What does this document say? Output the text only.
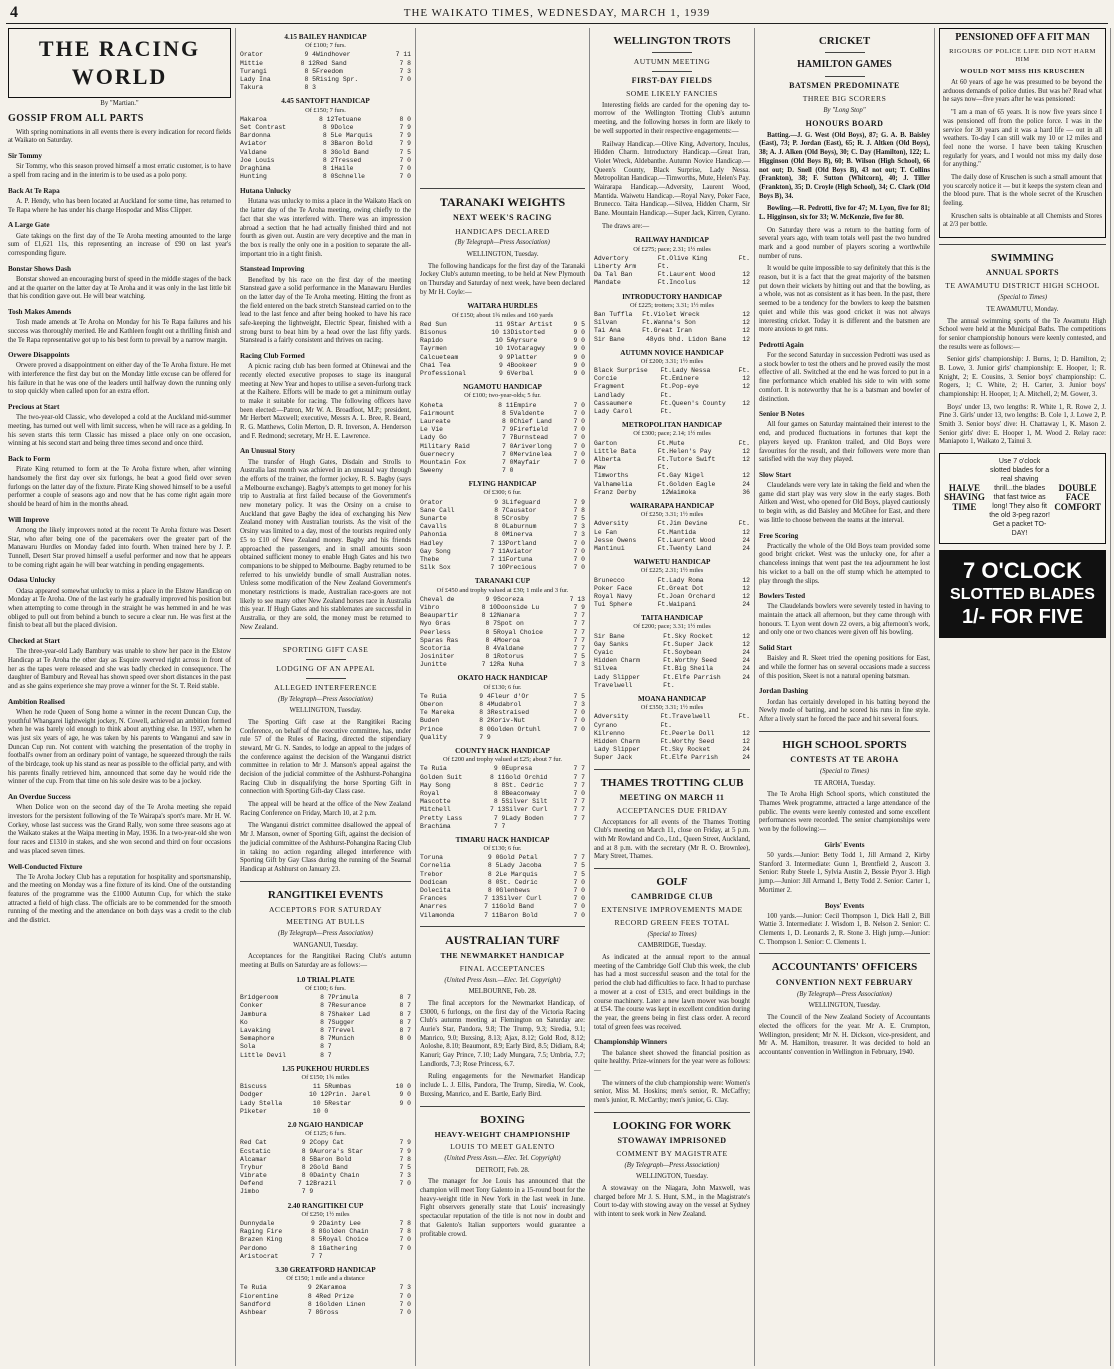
4	THE WAIKATO TIMES, WEDNESDAY, MARCH 1, 1939
THE RACING WORLD
By "Martian."
GOSSIP FROM ALL PARTS

With spring nominations in all events there is every indication for record fields at Waikato on Saturday.

Sir Tommy

Sir Tommy, who this season proved himself a most erratic customer, is to have a spell from racing and in the interim is to be used as a polo pony.

Back At Te Rapa

A. P. Hendy, who has been located at Auckland for some time, has returned to Te Rapa where he has under his charge Hospodar and Miss Clipper.

A Large Gate

Gate takings on the first day of the Te Aroha meeting amounted to the large sum of £1,621 11s, this representing an increase of £90 on last year's corresponding figure.

Bonstar Shows Dash

Bonstar showed an encouraging burst of speed in the middle stages of the back and at the quarter on the latter day at Te Aroha and it was only in the last little bit that his condition gave out. He will bear watching.

Tosh Makes Amends

Tosh made amends at Te Aroha on Monday for his Te Rapa failures and his success was thoroughly merited. He and Kathleen fought out a thrilling finish and the Te Rapa representative got up to his best form to prevail by a narrow margin.

Orwere Disappoints

Orwere proved a disappointment on either day of the Te Aroha fixture. He met with interference the first day but on the Monday little excuse can be offered for his failure in that he was one of the leaders until halfway down the running only to stop quickly when called upon for an extra effort.

Precious at Start

The two-year-old Classic, who developed a cold at the Auckland mid-summer meeting, has turned out well with limit success, when he will race as a gelding. In his seven starts this term Classic has missed a place only on one occasion, winning at his second start and being three times second and once third.

Back to Form

Pirate King returned to form at the Te Aroha fixture when, after winning handsomely the first day over six furlongs, he beat a good field over seven furlongs on the latter day of the fixture. Pirate King showed himself to be a useful performer a couple of seasons ago and now that he has come right again more should be heard of him in the months ahead.

Will Improve

Among the likely improvers noted at the recent Te Aroha fixture was Desert Star, who after being one of the pacemakers over the greater part of the Manawaru Hurdles on Monday faded into fourth. When trained here by J. P. Tunnell, Desert Star proved himself a useful performer and now that he appears to be coming right again he will bear watching in pending engagements.

Odasa Unlucky

Odasa appeared somewhat unlucky to miss a place in the Elstow Handicap on Monday at Te Aroha. One of the last early he gradually improved his position but when attempting to come through in the straight he was hemmed in and he was obliged to pull out from behind a bunch to secure a clear run. He was first at the finish to beat all but the placed division.

Checked at Start

The three-year-old Lady Bambury was unable to show her pace in the Elstow Handicap at Te Aroha the other day as Esquire swerved right across in front of her as the tapes were released and she was badly checked in consequence. The daughter of Bambury and Reveal has shown speed over short distances in the past and as she gains experience she may prove a winner for the St. T. Reid stable.

Ambition Realised

When he rode Queen of Song home a winner in the recent Duncan Cup, the youthful Whangarei lightweight jockey, N. Cowell, achieved an ambition formed when he was barely old enough to think about anything else. In 1937, when he was just six years of age, he was taken by his parents to Wanganui and saw in Duncan Cup run. Not content with watching the presentation of the trophy in football's owner from an ordinary point of vantage, he squeezed through the rails of the birdcage, took up his stand as near as possible to the official party, and with his parents finally retrieved him, announced that some day he would ride the winner of the cup. From that time on his sole desire was to be a jockey.

An Overdue Success

When Dolice won on the second day of the Te Aroha meeting she repaid investors for the persistent following of the Te Wairapa's sport's mare. Mr H. W. Corkey, whose last success was the Grand Rally, won some three seasons ago at the Waikato stakes at the Waipa meeting in May, 1936. In a two-year-old she won four races and £1310 in stakes, and she won second and third on four occasions and was placed seven times.

Well-Conducted Fixture

The Te Aroha Jockey Club has a reputation for hospitality and sportsmanship, and the meeting on Monday was a fine fixture of its kind. One of the outstanding features of the programme was the £1000 Autumn Cup, for which the stake attracted a field of high class. The officials are to be commended for the smooth running of the meeting and the attendance on both days was a credit to the club and the district.

4.15 BAILEY HANDICAP
Of £100; 7 furs.
Orator	9 4	Windhover	7 11
Mittie	8 12	Red Sand	7 8
Turangi	8 5	Freedom	7 3
Lady Ina	8 5	Rising Spr.	7 0
Takura	8 3		
4.45 SANTOFT HANDICAP
Of £150; 7 furs.
Makaroa	8 12	Tetuane	8 0
Set Contrast	8 9	Dolce	7 9
Bardonna	8 5	Le Marquis	7 9
Aviator	8 3	Baron Bold	7 9
Valdane	8 3	Gold Band	7 5
Joe Louis	8 2	Tressed	7 0
Draghima	8 1	Haile	7 0
Hunting	8 0	Schnelle	7 0
Hutana Unlucky

Hutana was unlucky to miss a place in the Waikato Hack on the latter day of the Te Aroha meeting, owing chiefly to the fact that she was interfered with. There was an impression abroad a section that he had actually finished third and not fourth as given out. Austin are very deceptive and the man in the box is really the only one in a position to separate the all-important trio in a tight finish.

Stanstead Improving

Benefited by his race on the first day of the meeting Stanstead gave a solid performance in the Manawaru Hurdles on the latter day of the Te Aroha meeting. Hitting the front as the field entered on the back stretch Stanstead carried on to the lead to the last fence and after being hooked to have his race safe-keeping the lightweight, Electric Spear, finished with a strong burst to beat him by a head over the last fifty yards. Stanstead is a fairly consistent and thrives on racing.

Racing Club Formed

A picnic racing club has been formed at Ohinewai and the recently elected executive proposes to stage its inaugural meeting at New Year and hopes to utilise a seven-furlong track at the Kaihere. Efforts will be made to get a minimum outlay to make it suitable for racing. The following officers have been elected:—Patron, Mr W. A. Broadfoot, M.P.; president, Mr Herbert Maxwell; executive, Messrs A. L. Bree, R. Beard, R. G. Matthews, Colin Merton, D. R. Inverson, A. Henderson and F. Redmond; secretary, Mr H. E. Lawrence.

An Unusual Story

The transfer of Hugh Gates, Disdain and Strolls to Australia last month was achieved in an unusual way through the efforts of the trainer, the former jockey, R. S. Bagby (says a Melbourne exchange). Bagby's attempts to get money for his trip to Australia at first failed because of the Government's new monetary policy. It was the Orsiny on a cruise to Auckland that gave Bagby the idea of exchanging his New Zealand money with Australian tourists. As the visit of the Orsiny was limited to a day, most of the tourists required only £5 to £10 of New Zealand money. Bagby and his friends approached the passengers, and in small amounts soon obtained sufficient money to enable Hugh Gates and his two companions to be shipped to Melbourne. Bagby returned to be referred to his unwieldy bundle of small Australian notes. Unless some modification of the New Zealand Government's monetary restrictions is made, Australian race-goers are not likely to see many other New Zealand horses race in Australia this year. If Hugh Gates and his stablemates are successful in Australia, or they are sold, the money must be returned to New Zealand.

SPORTING GIFT CASE
LODGING OF AN APPEAL
ALLEGED INTERFERENCE
(By Telegraph—Press Association)
WELLINGTON, Tuesday.

The Sporting Gift case at the Rangitikei Racing Conference, on behalf of the executive committee, has, under rule 57 of the Rules of Racing, directed the stipendiary steward, Mr G. N. Sandes, to lodge an appeal to the judges of the conference against the decision of the Wanganui district committee in relation to Mr J. Manson's appeal against the decision of the judicial committee of the Ashhurst-Pohangina Racing Club in disqualifying the horse Sporting Gift in connection with Sporting Gift-day Class case.

The appeal will be heard at the office of the New Zealand Racing Conference on Friday, March 10, at 2 p.m.

The Wanganui district committee disallowed the appeal of Mr J. Manson, owner of Sporting Gift, against the decision of the judicial committee of the Ashhurst-Pohangina Racing Club in taking no action regarding alleged interference with Sporting Gift by Gay Class during the running of the Seamal Handicap at Ashhurst on January 23.

RANGITIKEI EVENTS
ACCEPTORS FOR SATURDAY
MEETING AT BULLS
(By Telegraph—Press Association)
WANGANUI, Tuesday.

Acceptances for the Rangitikei Racing Club's autumn meeting at Bulls on Saturday are as follows:—

1.0 TRIAL PLATE
Of £100; 6 furs.
Bridgeroom	8 7	Primula	8 7
Conker	8 7	Resurance	8 7
Jambura	8 7	Shaker Lad	8 7
Ko	8 7	Sugger	8 7
Lavaking	8 7	Trevel	8 7
Semaphore	8 7	Munich	8 0
Sola	8 7		
Little Devil	8 7		
1.35 PUKEHOU HURDLES
Of £150; 1¾ miles
Biscuss	11 5	Rumbas	10 0
Dodger	10 12	Prin. Jarel	9 0
Lady Stella	10 5	Restar	9 0
Piketer	10 0		
2.0 NGAIO HANDICAP
Of £125; 6 furs.
Red Cat	9 2	Copy Cat	7 9
Ecstatic	8 9	Aurora's Star	7 9
Alcamar	8 5	Baron Bold	7 8
Trybur	8 2	Gold Band	7 5
Vibrate	8 0	Dainty Chain	7 3
Defend	7 12	Brazil	7 0
Jimbo	7 9		
2.40 RANGITIKEI CUP
Of £250; 1½ miles
Dunnydale	9 2	Dainty Lee	7 8
Raging Fire	8 8	Golden Chain	7 8
Brazen King	8 5	Royal Choice	7 0
Perdomo	8 1	Gathering	7 0
Aristocrat	7 7		
3.30 GREATFORD HANDICAP
Of £150; 1 mile and a distance
Te Ruia	9 2	Karamoa	7 3
Fiorentine	8 4	Red Prize	7 0
Sandford	8 1	Golden Linen	7 0
Ashbear	7 8	Gross	7 0
TARANAKI WEIGHTS
NEXT WEEK'S RACING
HANDICAPS DECLARED
(By Telegraph—Press Association)
WELLINGTON, Tuesday.

The following handicaps for the first day of the Taranaki Jockey Club's autumn meeting, to be held at New Plymouth on Thursday and Saturday of next week, have been declared by Mr H. Coyle:—

WAITARA HURDLES
Of £150; about 1¾ miles and 160 yards
Red Sun	11 9	Star Artist	9 5
Bisonus	10 13	Distorted	9 0
Rapido	10 5	Ayrsure	9 0
Tayrmen	10 1	Votaragwy	9 0
Calcueteam	9 9	Platter	9 0
Chai Tea	9 4	Bookeer	9 0
Professional	9 6	Verbal	9 0
NGAMOTU HANDICAP
Of £100; two-year-olds; 5 fur.
Koheta	8 11	Empire	7 0
Fairmount	8 5	Valdente	7 0
Laureate	8 0	Chief Land	7 0
Le Vie	7 9	Firefield	7 0
Lady Go	7 7	Burnstead	7 0
Military Raid	7 0	Ariverlong	7 0
Guernecry	7 0	Mervinelea	7 0
Mountain Fox	7 0	Mayfair	7 0
Sweeny	7 0		
FLYING HANDICAP
Of £300; 6 fur.
Orator	9 3	Lifeguard	7 9
Sane Call	8 7	Causator	7 8
Sunarte	8 5	Crosby	7 5
Cavalls	8 0	Laburnum	7 3
Pahonia	8 0	Minerva	7 3
Hadley	7 13	Portland	7 0
Gay Song	7 11	Aviator	7 0
Thebe	7 11	Fortuna	7 0
Silk Sox	7 10	Precious	7 0
TARANAKI CUP
Of £450 and trophy valued at £30; 1 mile and 3 fur.
Cheval de	9 9	Scoreza	7 13
Vibro	8 10	Doonside Lu	7 9
Beaupartir	8 12	Nanara	7 7
Nyo Gras	8 7	Spot on	7 7
Peerless	8 5	Royal Choice	7 7
Sparas Ras	8 4	Moeroa	7 7
Scotoria	8 4	Valdane	7 7
Josiniter	8 1	Rotorus	7 5
Junitte	7 12	Ra Nuha	7 3
OKATO HACK HANDICAP
Of £130; 6 fur.
Te Ruia	9 4	Fleur d'Or	7 5
Oberon	8 4	Mudabrol	7 3
Te Mareka	8 3	Restraised	7 0
Buden	8 2	Koriv-Nut	7 0
Prince	8 0	Golden Ortuhl	7 0
Quality	7 9		
COUNTY HACK HANDICAP
Of £200 and trophy valued at £25; about 7 fur.
Te Ruia	9 0	Eupresa	7 7
Golden Suit	8 11	Gold Orchid	7 7
May Song	8 8	St. Cedric	7 7
Royal	8 8	Beaconway	7 0
Mascotte	8 5	Silver Silt	7 7
Mitchell	7 13	Silver Curl	7 7
Pretty Lass	7 9	Lady Boden	7 7
Brachima	7 7		
TIMARU HACK HANDICAP
Of £130; 6 fur.
Toruna	9 0	Gold Petal	7 7
Cornelia	8 5	Lady Jacoba	7 5
Trebor	8 2	Le Marquis	7 5
Dodicam	8 0	St. Cedric	7 0
Dolecita	8 0	Glenbews	7 0
Frances	7 13	Silver Curl	7 0
Anarres	7 11	Gold Band	7 0
Vilamonda	7 11	Baron Bold	7 0
AUSTRALIAN TURF
THE NEWMARKET HANDICAP
FINAL ACCEPTANCES
(United Press Assn.—Elec. Tel. Copyright)
MELBOURNE, Feb. 28.

The final acceptors for the Newmarket Handicap, of £3000, 6 furlongs, on the first day of the Victoria Racing Club's autumn meeting at Flemington on Saturday are: Aurie's Star, Pandora, 9.8; The Trump, 9.3; Siredia, 9.1; Manrico, 9.0; Buxsing, 8.13; Ajax, 8.12; Gold Rod, 8.12; Aoloshe, 8.10; Beaumont, 8.9; Early Bird, 8.5; Didiam, 8.4; Kanuri; Gay Prince, 7.10; Lady Mungara, 7.5; Umbria, 7.7; Landlords, 7.3; Rose Princess, 6.7.

Ruling engagements for the Newmarket Handicap include L. J. Ellis, Pandora, The Trump, Siredia, W. Cook, Buxsing, Manrico, and E. Bartle, Early Bird.

BOXING
HEAVY-WEIGHT CHAMPIONSHIP
LOUIS TO MEET GALENTO
(United Press Assn.—Elec. Tel. Copyright)
DETROIT, Feb. 28.

The manager for Joe Louis has announced that the champion will meet Tony Galento in a 15-round bout for the heavy-weight title in New York in the last week in June. Fight observers generally state that Louis' increasingly spectacular reputation of the title is not now in doubt and that Galento's Italian supporters would guarantee a profitable crowd.

WELLINGTON TROTS
AUTUMN MEETING
FIRST-DAY FIELDS
SOME LIKELY FANCIES

Interesting fields are carded for the opening day to-morrow of the Wellington Trotting Club's autumn meeting, and the following horses in form are likely to be well supported in their respective engagements:—

Railway Handicap.—Olive King, Advertory, Inculus, Hidden Charm. Introductory Handicap.—Great Iran, Violet Wreck, Aldebanthe. Autumn Novice Handicap.—Queen's County, Black Surprise, Lady Nessa. Metropolitan Handicap.—Timworths, Mute, Helen's Pay. Wairarapa Handicap.—Adversity, Laurent Wood, Mantida. Waiwetu Handicap.—Royal Navy, Poker Face, Brunecco. Taita Handicap.—Silvea, Hidden Charm, Sir Bane. Mountain Handicap.—Super Jack, Kirren, Cyrano.

The draws are:—

RAILWAY HANDICAP
Of £275; pace; 2.31; 1½ miles
Advertory	Ft.	Olive King	Ft.
Liberty Arm	Ft.		
Da Tal Ban	Ft.	Laurent Wood	12
Mandate	Ft.	Incolus	12
INTRODUCTORY HANDICAP
Of £225; trotters; 3.31; 1½ miles
Ban Tuffla	Ft.	Violet Wreck	12
Silvan	Ft.	Wanna's Son	12
Tai Ana	Ft.	Great Iran	12
Sir Bane	48	yds bhd. Lidon Bane	12
AUTUMN NOVICE HANDICAP
Of £200; 3.31; 1½ miles
Black Surprise	Ft.	Lady Nessa	Ft.
Corcie	Ft.	Eminere	12
Fragment	Ft.	Pop-eye	12
Landlady	Ft.		
Cassaumere	Ft.	Queen's County	12
Lady Carol	Ft.		
METROPOLITAN HANDICAP
Of £300; pace; 2.14; 1½ miles
Garton	Ft.	Mute	Ft.
Little Bata	Ft.	Helen's Pay	12
Alberta	Ft.	Tutore Swift	12
Maw	Ft.		
Timworths	Ft.	Gay Nigel	12
Valhamelia	Ft.	Golden Eagle	24
Franz Derby	12	Waimoka	36
WAIRARAPA HANDICAP
Of £250; 3.31; 1½ miles
Adversity	Ft.	Jim Devine	Ft.
Le Fan	Ft.	Mantida	12
Jesse Owens	Ft.	Laurent Wood	24
Mantinui	Ft.	Twenty Land	24
WAIWETU HANDICAP
Of £225; 2.31; 1½ miles
Brunecco	Ft.	Lady Roma	12
Poker Face	Ft.	Great Dot	12
Royal Navy	Ft.	Joan Orchard	12
Tui Sphere	Ft.	Waipani	24
TAITA HANDICAP
Of £200; pace; 3.31; 1½ miles
Sir Bane	Ft.	Sky Rocket	12
Gay Sanks	Ft.	Super Jack	12
Cyaic	Ft.	Soybean	24
Hidden Charm	Ft.	Worthy Seed	24
Silvea	Ft.	Big Sheila	24
Lady Slipper	Ft.	Elfe Parrish	24
Travelwell	Ft.		
MOANA HANDICAP
Of £350; 3.31; 1½ miles
Adversity	Ft.	Travelwell	Ft.
Cyrano	Ft.		
Kilrenno	Ft.	Peerle Doll	12
Hidden Charm	Ft.	Worthy Seed	12
Lady Slipper	Ft.	Sky Rocket	24
Super Jack	Ft.	Elfe Parrish	24
THAMES TROTTING CLUB
MEETING ON MARCH 11
ACCEPTANCES DUE FRIDAY

Acceptances for all events of the Thames Trotting Club's meeting on March 11, close on Friday, at 5 p.m. with Mr Rowland and Co., Ltd., Queen Street, Auckland, and at 8 p.m. with the secretary (Mr R. O. Brownlee), Mary Street, Thames.

GOLF
CAMBRIDGE CLUB
EXTENSIVE IMPROVEMENTS MADE
RECORD GREEN FEES TOTAL
(Special to Times)
CAMBRIDGE, Tuesday.

As indicated at the annual report to the annual meeting of the Cambridge Golf Club this week, the club has had a most successful season and the total for the period the club had difficulties to face. It had to purchase a mower at a cost of £315, and erect buildings in the course machinery. Later a new lawn mower was bought at £54. The course was kept in excellent condition during the year, the greens being in first class order. A record total of green fees was received.

Championship Winners

The balance sheet showed the financial position as quite healthy. Prize-winners for the year were as follows:—

The winners of the club championship were: Women's senior, Miss M. Hoskins; men's senior, R. McCaffry; men's junior, R. McCarthy; men's junior, G. Clay.

LOOKING FOR WORK
STOWAWAY IMPRISONED
COMMENT BY MAGISTRATE
(By Telegraph—Press Association)
WELLINGTON, Tuesday.

A stowaway on the Niagara, John Maxwell, was charged before Mr J. S. Hunt, S.M., in the Magistrate's Court to-day with stowing away on the vessel at Sydney with intent to seek work in New Zealand.

CRICKET
HAMILTON GAMES
BATSMEN PREDOMINATE
THREE BIG SCORERS
By "Long Stop"
HONOURS BOARD

Batting.—J. G. West (Old Boys), 87; G. A. B. Baisley (East), 73; P. Jordan (East), 65; R. J. Altken (Old Boys), 38; A. J. Alken (Old Boys), 30; C. Day (Hamilton), 122; L. Higginson (Old Boys B), 60; B. Wilson (High School), 66 not out; D. Snell (Old Boys B), 43 not out; T. Collins (Frankton), 38; F. Sutton (Whitcorn), 40; J. Tiller (Frankton), 35; D. Croyle (High School), 34; C. Clark (Old Boys B), 34.

Bowling.—R. Pedrotti, five for 47; M. Lyon, five for 81; L. Higginson, six for 33; W. McKenzie, five for 80.

On Saturday there was a return to the batting form of several years ago, with team totals well past the two hundred mark and a good number of players scoring a worthwhile number of runs.

It would be quite impossible to say definitely that this is the reason, but it is a fact that the great majority of the batsmen put down their wickets by hitting out and that the bowling, as a whole, was not as consistent as it has been. In the past, there seemed to be a tendency for the bowlers to keep the batsmen quiet and while this was good cricket it was not always interesting cricket. Today it is different and the batsmen are more anxious to get runs.

Pedrotti Again

For the second Saturday in succession Pedrotti was used as a stock bowler to test the others and he proved easily the most effective of all. Switched at the end he was forced to put in a fine performance which enabled his side to win with some comfort. It is noteworthy that he is a batsman and bowler of distinction.

Senior B Notes

All four games on Saturday maintained their interest to the end, and produced fluctuations in fortunes that kept the players keyed up. Frankton trailed, and Old Boys were favourites for the result, and their followers were more than satisfied with the way they played.

Slow Start

Claudelands were very late in taking the field and when the game did start play was very slow in the early stages. Both Aitken and West, who opened for Old Boys, played cautiously to begin with, as did Baisley and McGhee for East, and there was little to choose between the teams at the interval.

Free Scoring

Practically the whole of the Old Boys team provided some good bright cricket. West was the unlucky one, for after a chanceless innings that went past the tea adjournment he lost his wicket to a ball on the off stump which he attempted to play through the slips.

Bowlers Tested

The Claudelands bowlers were severely tested in having to maintain the attack all afternoon, but they came through with honours. T. Lyon went down 22 overs, a big afternoon's work, and only one or two chances were given off his bowling.

Solid Start

Baisley and R. Skeet tried the opening positions for East, and while the former has on several occasions made a success of this position, Skeet is not a natural opening batsman.

Jordan Dashing

Jordan has certainly developed in his batting beyond the Newly mode of batting, and he scored his runs in fine style. After a lively start he forced the pace and hit several fours.

HIGH SCHOOL SPORTS
CONTESTS AT TE AROHA
(Special to Times)
TE AROHA, Tuesday.

The Te Aroha High School sports, which constituted the Thames Week programme, attracted a large attendance of the public. The events were keenly contested and some excellent performances were recorded. The senior championships were won by the following:—

Girls' Events

50 yards.—Junior: Betty Todd 1, Jill Armand 2, Kirby Stanford 3. Intermediate: Gunn 1, Brentfield 2, Auscott 3. Senior: Ruby Steele 1, Sylvia Austin 2, Bessie Pryor 3. High jump.—Junior: Jill Armand 1, Betty Todd 2. Senior: Carter 1, Mortimer 2.

Boys' Events

100 yards.—Junior: Cecil Thompson 1, Dick Hall 2, Bill Wattie 3. Intermediate: J. Wisdom 1, B. Nelson 2. Senior: C. Clements 1, D. Leonards 2, R. Stone 3. High jump.—Junior: C. Thompson 1. Senior: C. Clements 1.

ACCOUNTANTS' OFFICERS
CONVENTION NEXT FEBRUARY
(By Telegraph—Press Association)
WELLINGTON, Tuesday.

The Council of the New Zealand Society of Accountants elected the officers for the year. Mr A. E. Crumpton, Wellington, president; Mr N. H. Dickson, vice-president, and Mr A. M. Hamilton, treasurer. It was decided to hold an accountants' convention in Wellington in February, 1940.

PENSIONED OFF A FIT MAN
RIGOURS OF POLICE LIFE DID NOT HARM HIM
WOULD NOT MISS HIS KRUSCHEN

At 60 years of age he was presumed to be beyond the arduous demands of police duties. But was he? Read what he says now—five years after he was pensioned:

"I am a man of 65 years. It is now five years since I was pensioned off from the police force. I was in the service for 30 years and it was a hard life — out in all weathers. To-day I can still walk my 10 or 12 miles and feel none the worse. I have been taking Kruschen regularly for years, and I would not miss my daily dose for anything."

The daily dose of Kruschen is such a small amount that you scarcely notice it — but it keeps the system clean and the blood pure. That is the whole secret of the Kruschen feeling.

Kruschen salts is obtainable at all Chemists and Stores at 2/3 per bottle.

SWIMMING
ANNUAL SPORTS
TE AWAMUTU DISTRICT HIGH SCHOOL
(Special to Times)
TE AWAMUTU, Monday.

The annual swimming sports of the Te Awamutu High School were held at the Municipal Baths. The competitions for senior championship honours were keenly contested, and the results were as follows:—

Senior girls' championship: J. Burns, 1; D. Hamilton, 2; B. Lowe, 3. Junior girls' championship: E. Hooper, 1; R. Knight, 2; E. Cousins, 3. Senior boys' championship: C. Rogers, 1; C. White, 2; H. Carter, 3. Junior boys' championship: H. Hooper, 1; A. Mitchell, 2; M. Gower, 3.

Boys' under 13, two lengths: R. White 1, R. Rowe 2, J. Pine 3. Girls' under 13, two lengths: B. Cole 1, J. Lowe 2, P. Smith 3. Senior boys' dive: H. Chattaway 1, K. Mason 2. Senior girls' dive: E. Hooper 1, M. Wood 2. Relay race: Maniapoto 1, Waikato 2, Tainui 3.

HALVE
SHAVING
TIME
Use 7 o'clock slotted blades for a real shaving thrill...the blades that fast twice as long! They also fit the old 3-peg razor! Get a packet TO-DAY!
DOUBLE
FACE
COMFORT
7 O'CLOCK
SLOTTED BLADES
1/- FOR FIVE
